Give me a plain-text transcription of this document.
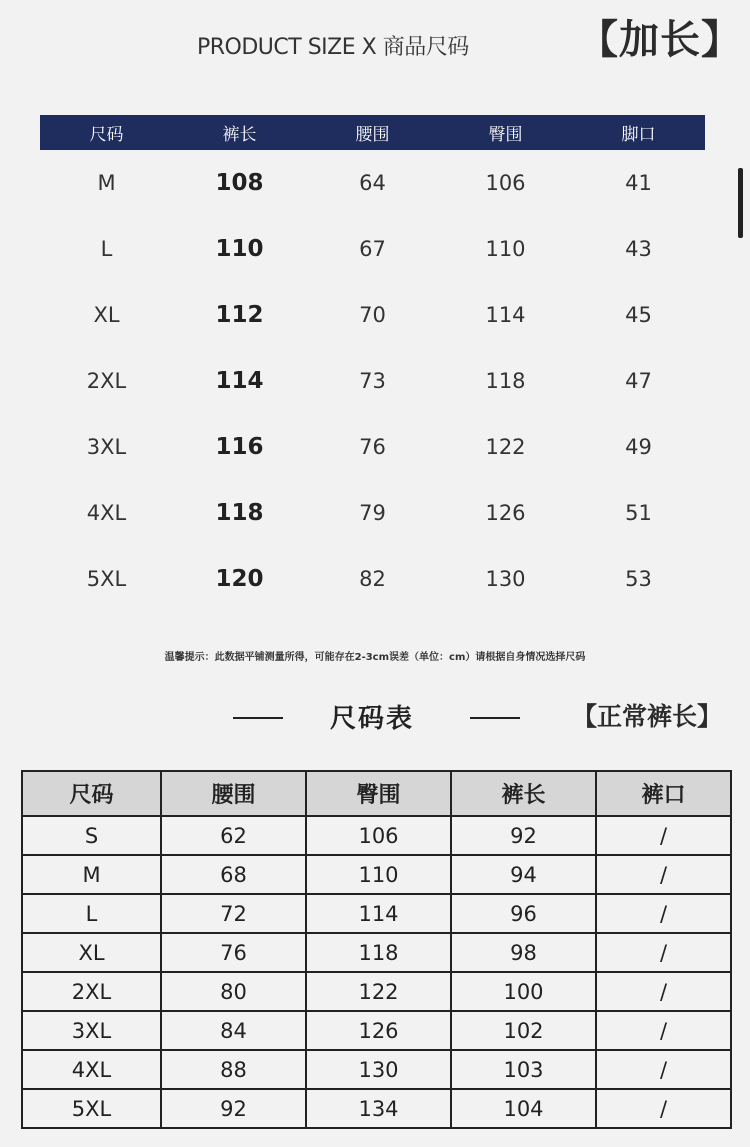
PRODUCT SIZE X 商品尺码	【加长】
尺码	裤长	腰围	臀围	脚口
M	108	64	106	41
L	110	67	110	43
XL	112	70	114	45
2XL	114	73	118	47
3XL	116	76	122	49
4XL	118	79	126	51
5XL	120	82	130	53
温馨提示：此数据平铺测量所得，可能存在2-3cm误差（单位：cm）请根据自身情况选择尺码
尺码表	【正常裤长】
尺码	腰围	臀围	裤长	裤口
S	62	106	92	/
M	68	110	94	/
L	72	114	96	/
XL	76	118	98	/
2XL	80	122	100	/
3XL	84	126	102	/
4XL	88	130	103	/
5XL	92	134	104	/
